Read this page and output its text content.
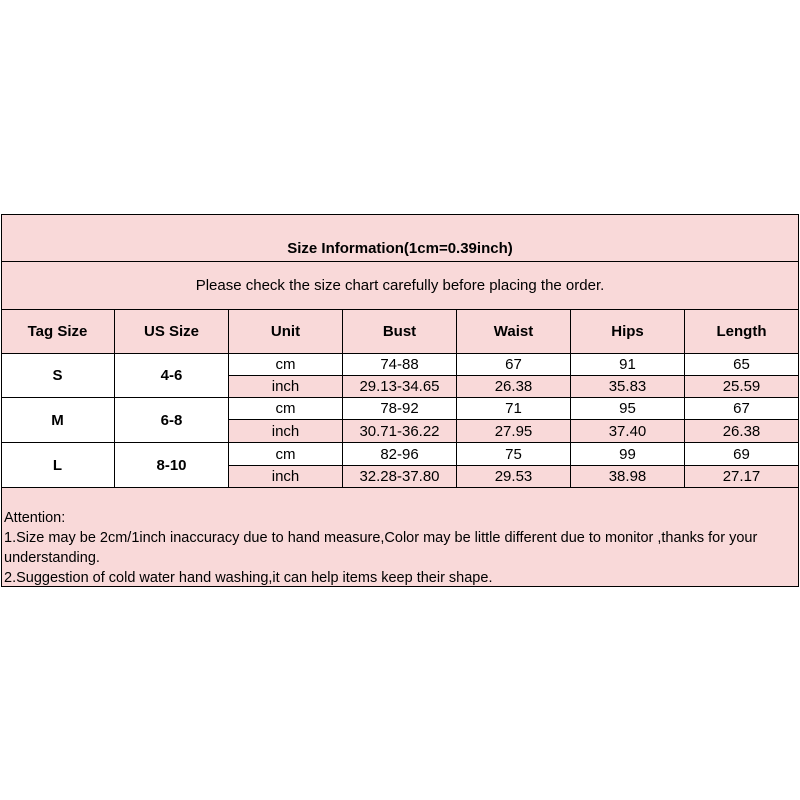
Size Information(1cm=0.39inch)
Please check the size chart carefully before placing the order.
Tag Size	US Size	Unit	Bust	Waist	Hips	Length
S	4-6
cm	74-88	67	91	65
inch	29.13-34.65	26.38	35.83	25.59
M	6-8
cm	78-92	71	95	67
inch	30.71-36.22	27.95	37.40	26.38
L	8-10
cm	82-96	75	99	69
inch	32.28-37.80	29.53	38.98	27.17
Attention:
1.Size may be 2cm/1inch inaccuracy due to hand measure,Color may be little different due to monitor ,thanks for your understanding.
2.Suggestion of cold water hand washing,it can help items keep their shape.
